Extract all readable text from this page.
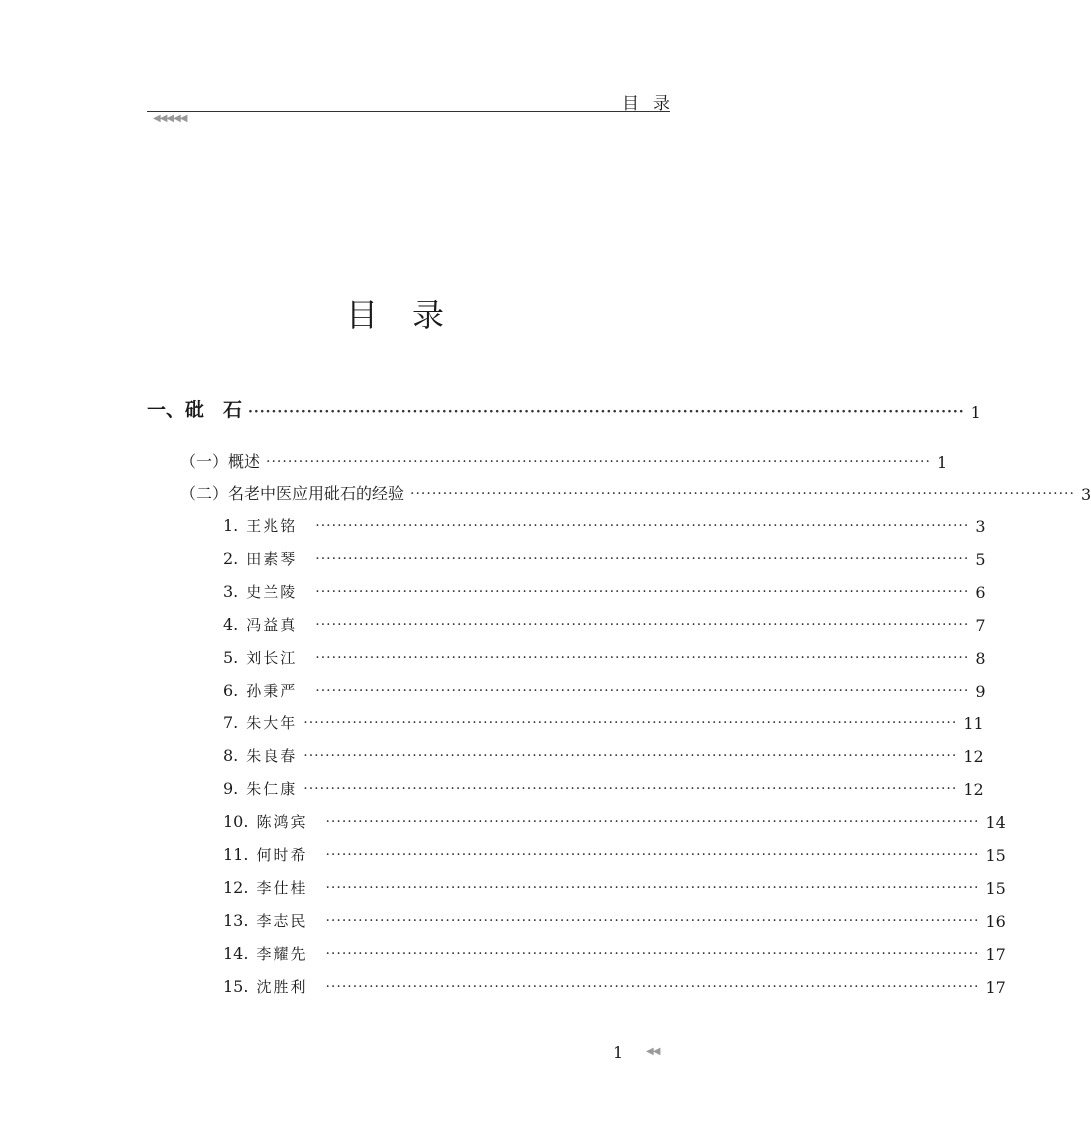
目录
◀◀◀◀◀
目录
一、砒　石 ·························································································································· 1
（一）概述 ·························································································································· 1
（二）名老中医应用砒石的经验 ·························································································································· 3
1. 王兆铭 ························································································································ 3
2. 田素琴 ························································································································ 5
3. 史兰陵 ························································································································ 6
4. 冯益真 ························································································································ 7
5. 刘长江 ························································································································ 8
6. 孙秉严 ························································································································ 9
7. 朱大年 ························································································································ 11
8. 朱良春 ························································································································ 12
9. 朱仁康 ························································································································ 12
10. 陈鸿宾 ························································································································ 14
11. 何时希 ························································································································ 15
12. 李仕桂 ························································································································ 15
13. 李志民 ························································································································ 16
14. 李耀先 ························································································································ 17
15. 沈胜利 ························································································································ 17
1 ◀◀
